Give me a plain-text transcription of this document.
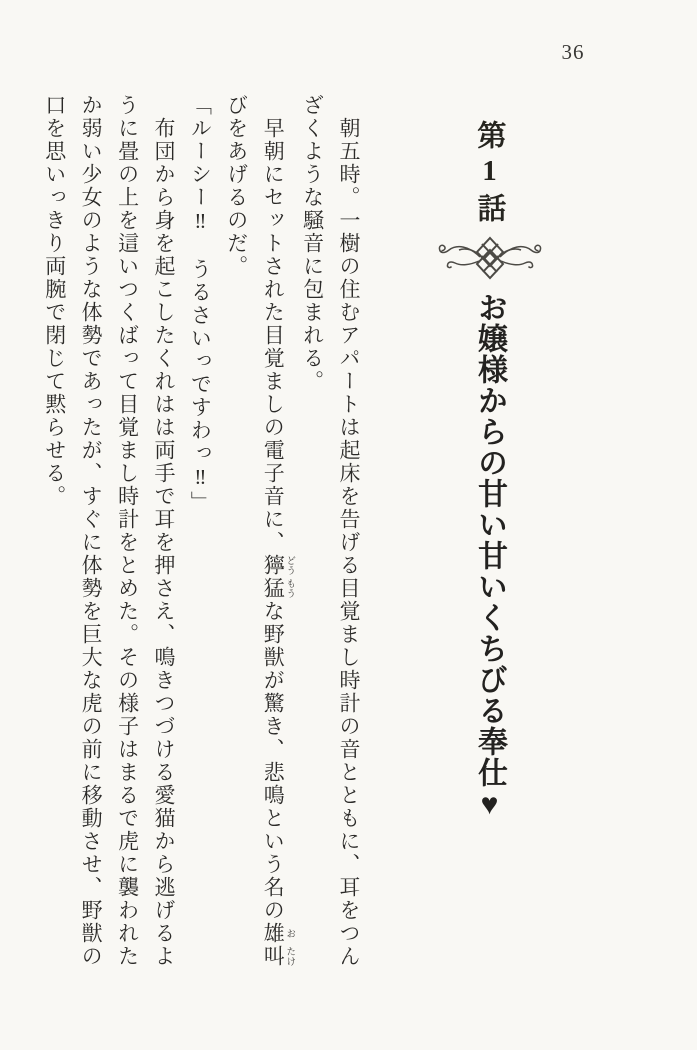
36
第1話
お嬢様からの甘い甘いくちびる奉仕♥
　朝五時。一樹の住むアパートは起床を告げる目覚まし時計の音とともに、耳をつん
ざくような騒音に包まれる。
　早朝にセットされた目覚ましの電子音に、獰 どう猛 もうな野獣が驚き、悲鳴という名の雄 お叫 たけ
びをあげるのだ。
「ルーシー‼　うるさいっですわっ‼」
　布団から身を起こしたくれはは両手で耳を押さえ、鳴きつづける愛猫から逃げるよ
うに畳の上を這いつくばって目覚まし時計をとめた。その様子はまるで虎に襲われた
か弱い少女のような体勢であったが、すぐに体勢を巨大な虎の前に移動させ、野獣の
口を思いっきり両腕で閉じて黙らせる。
